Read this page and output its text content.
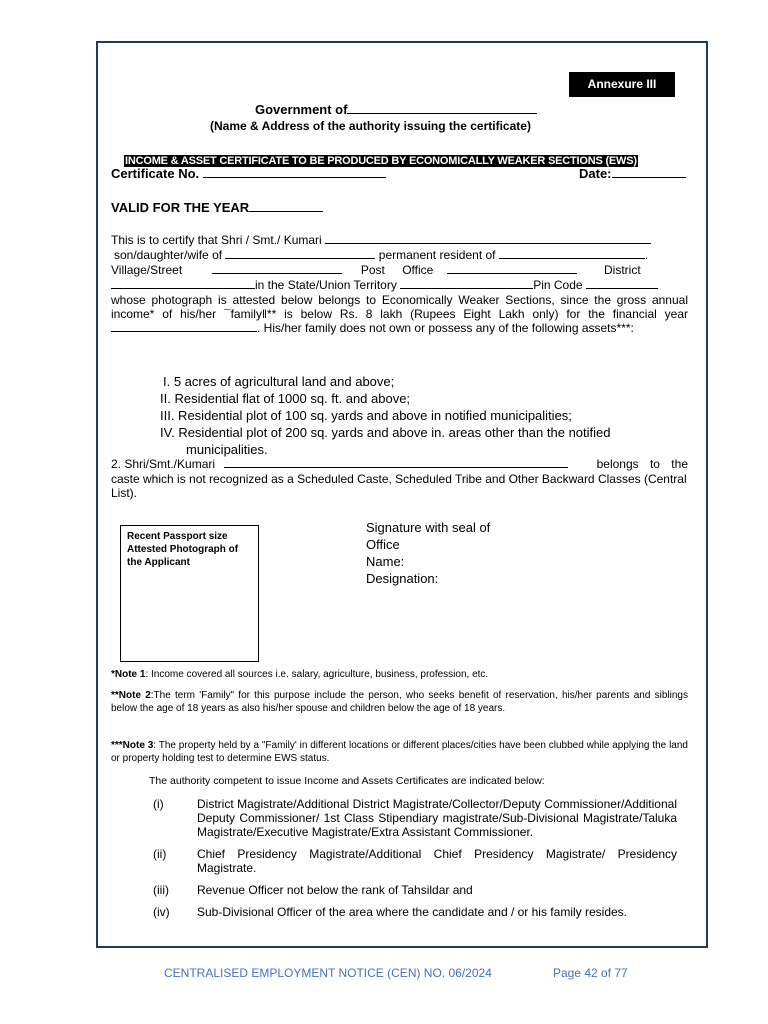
Annexure III
Government of
(Name & Address of the authority issuing the certificate)
INCOME & ASSET CERTIFICATE TO BE PRODUCED BY ECONOMICALLY WEAKER SECTIONS (EWS)
Certificate No.	Date:
VALID FOR THE YEAR
This is to certify that Shri / Smt./ Kumari
son/daughter/wife of	permanent resident of	.
Village/Street	Post Office	District
in the State/Union Territory	Pin Code
whose photograph is attested below belongs to Economically Weaker Sections, since the gross annual income* of his/her ¯family‖** is below Rs. 8 lakh (Rupees Eight Lakh only) for the financial year. His/her family does not own or possess any of the following assets***:
I. 5 acres of agricultural land and above;
II. Residential flat of 1000 sq. ft. and above;
III. Residential plot of 100 sq. yards and above in notified municipalities;
IV. Residential plot of 200 sq. yards and above in. areas other than the notified
municipalities.
2. Shri/Smt./Kumari	belongs to the
caste which is not recognized as a Scheduled Caste, Scheduled Tribe and Other Backward Classes (Central List).
Recent Passport size Attested Photograph of the Applicant
Signature with seal of
Office
Name:
Designation:
*Note 1: Income covered all sources i.e. salary, agriculture, business, profession, etc.
**Note 2:The term 'Family" for this purpose include the person, who seeks benefit of reservation, his/her parents and siblings below the age of 18 years as also his/her spouse and children below the age of 18 years.
***Note 3: The property held by a "Family' in different locations or different places/cities have been clubbed while applying the land or property holding test to determine EWS status.
The authority competent to issue Income and Assets Certificates are indicated below:
(i)	District Magistrate/Additional District Magistrate/Collector/Deputy Commissioner/Additional Deputy Commissioner/ 1st Class Stipendiary magistrate/Sub-Divisional Magistrate/Taluka Magistrate/Executive Magistrate/Extra Assistant Commissioner.
(ii)	Chief Presidency Magistrate/Additional Chief Presidency Magistrate/ Presidency Magistrate.
(iii)	Revenue Officer not below the rank of Tahsildar and
(iv)	Sub-Divisional Officer of the area where the candidate and / or his family resides.
CENTRALISED EMPLOYMENT NOTICE (CEN) NO. 06/2024	Page 42 of 77
